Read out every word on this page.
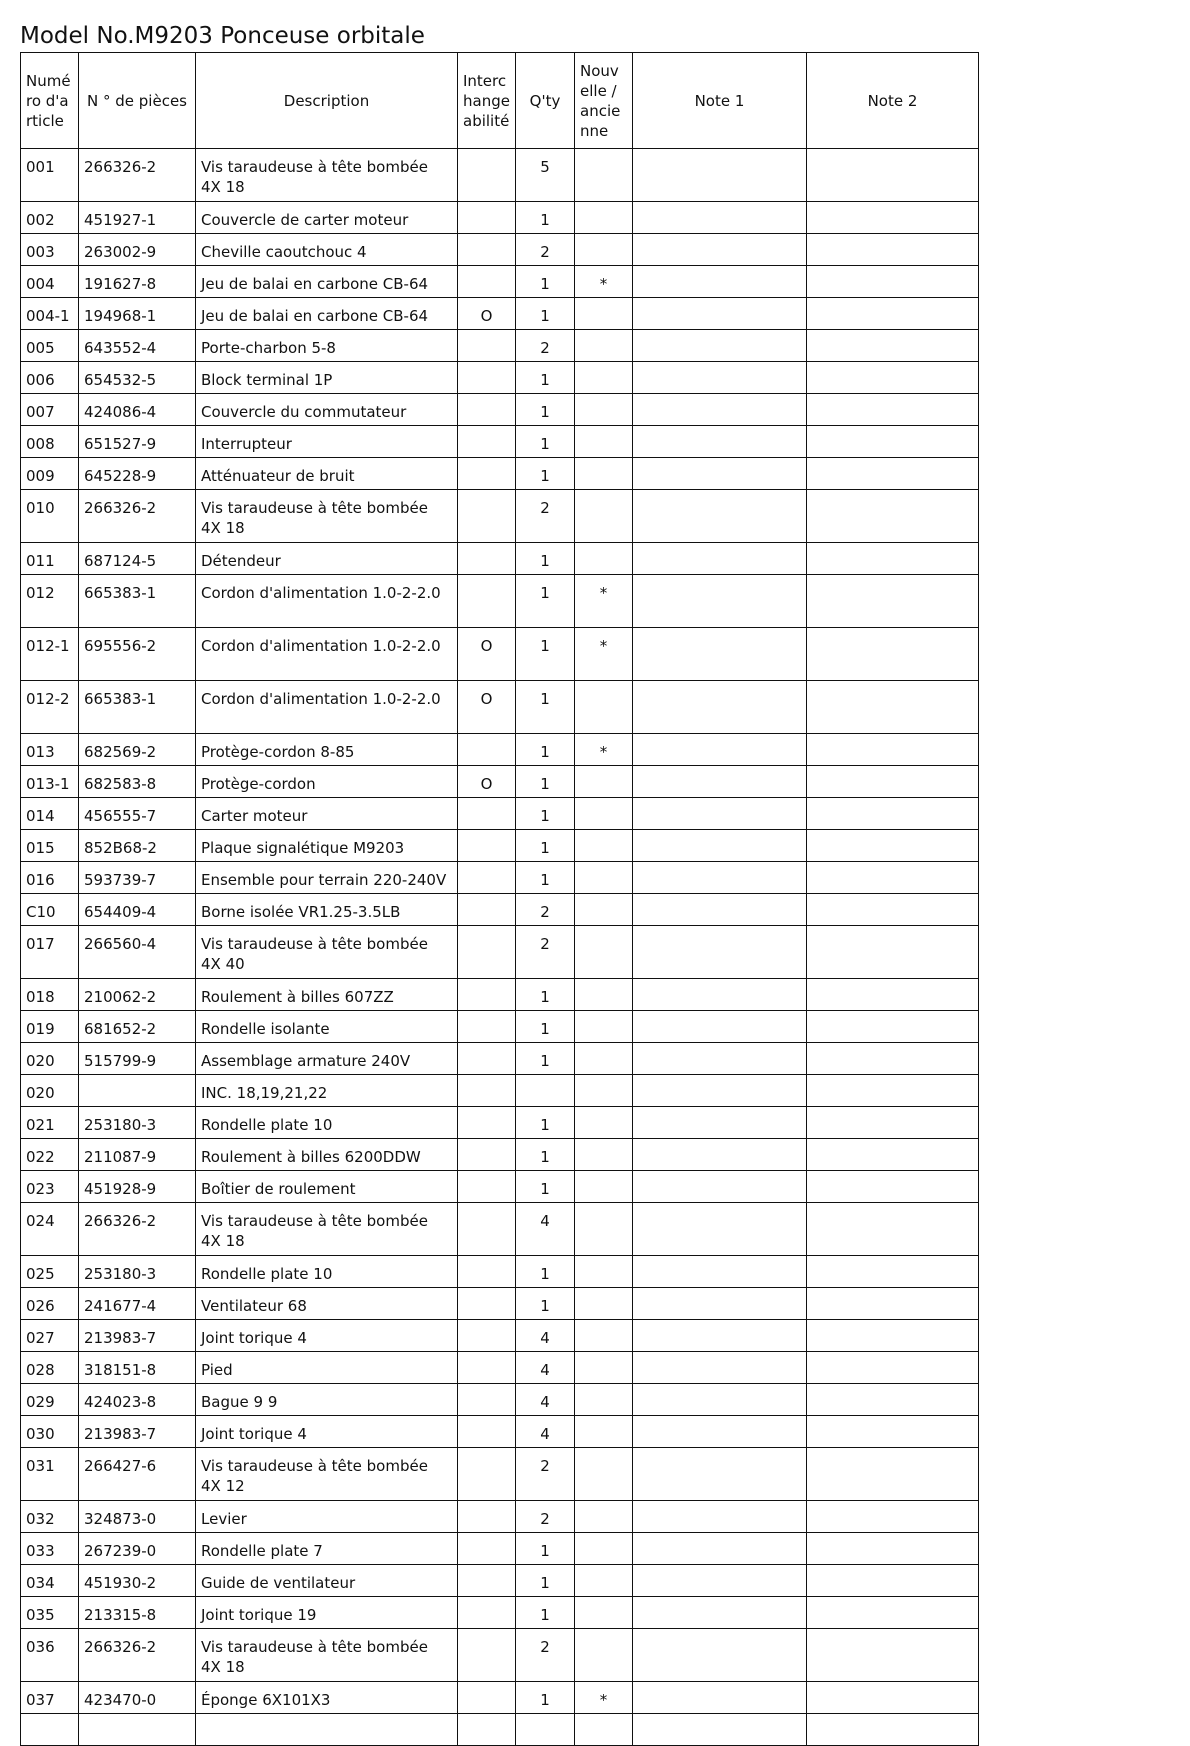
Model No.M9203 Ponceuse orbitale
Numéro d'article	N ° de pièces	Description	Interchangeabilité	Q'ty	Nouvelle / ancienne	Note 1	Note 2
001	266326-2	Vis taraudeuse à tête bombée 4X 18		5			
002	451927-1	Couvercle de carter moteur		1			
003	263002-9	Cheville caoutchouc 4		2			
004	191627-8	Jeu de balai en carbone CB-64		1	*		
004-1	194968-1	Jeu de balai en carbone CB-64	O	1			
005	643552-4	Porte-charbon 5-8		2			
006	654532-5	Block terminal 1P		1			
007	424086-4	Couvercle du commutateur		1			
008	651527-9	Interrupteur		1			
009	645228-9	Atténuateur de bruit		1			
010	266326-2	Vis taraudeuse à tête bombée 4X 18		2			
011	687124-5	Détendeur		1			
012	665383-1	Cordon d'alimentation 1.0-2-2.0		1	*		
012-1	695556-2	Cordon d'alimentation 1.0-2-2.0	O	1	*		
012-2	665383-1	Cordon d'alimentation 1.0-2-2.0	O	1			
013	682569-2	Protège-cordon 8-85		1	*		
013-1	682583-8	Protège-cordon	O	1			
014	456555-7	Carter moteur		1			
015	852B68-2	Plaque signalétique M9203		1			
016	593739-7	Ensemble pour terrain 220-240V		1			
C10	654409-4	Borne isolée VR1.25-3.5LB		2			
017	266560-4	Vis taraudeuse à tête bombée 4X 40		2			
018	210062-2	Roulement à billes 607ZZ		1			
019	681652-2	Rondelle isolante		1			
020	515799-9	Assemblage armature 240V		1			
020		INC. 18,19,21,22					
021	253180-3	Rondelle plate 10		1			
022	211087-9	Roulement à billes 6200DDW		1			
023	451928-9	Boîtier de roulement		1			
024	266326-2	Vis taraudeuse à tête bombée 4X 18		4			
025	253180-3	Rondelle plate 10		1			
026	241677-4	Ventilateur 68		1			
027	213983-7	Joint torique 4		4			
028	318151-8	Pied		4			
029	424023-8	Bague 9 9		4			
030	213983-7	Joint torique 4		4			
031	266427-6	Vis taraudeuse à tête bombée 4X 12		2			
032	324873-0	Levier		2			
033	267239-0	Rondelle plate 7		1			
034	451930-2	Guide de ventilateur		1			
035	213315-8	Joint torique 19		1			
036	266326-2	Vis taraudeuse à tête bombée 4X 18		2			
037	423470-0	Éponge 6X101X3		1	*		
